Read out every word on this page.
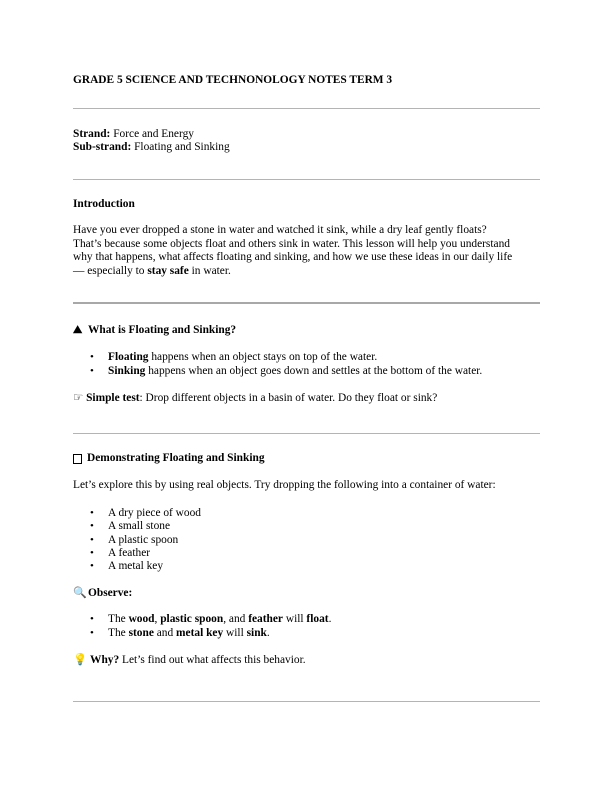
GRADE 5 SCIENCE AND TECHNONOLOGY NOTES TERM 3

Strand: Force and Energy

Sub-strand: Floating and Sinking

Introduction

Have you ever dropped a stone in water and watched it sink, while a dry leaf gently floats?

That’s because some objects float and others sink in water. This lesson will help you understand

why that happens, what affects floating and sinking, and how we use these ideas in our daily life

— especially to stay safe in water.

⛰ What is Floating and Sinking?
• Floating happens when an object stays on top of the water.
• Sinking happens when an object goes down and settles at the bottom of the water.

☞ Simple test: Drop different objects in a basin of water. Do they float or sink?

Demonstrating Floating and Sinking

Let’s explore this by using real objects. Try dropping the following into a container of water:

• A dry piece of wood
• A small stone
• A plastic spoon
• A feather
• A metal key
🔍 Observe:
• The wood, plastic spoon, and feather will float.
• The stone and metal key will sink.

💡 Why? Let’s find out what affects this behavior.
